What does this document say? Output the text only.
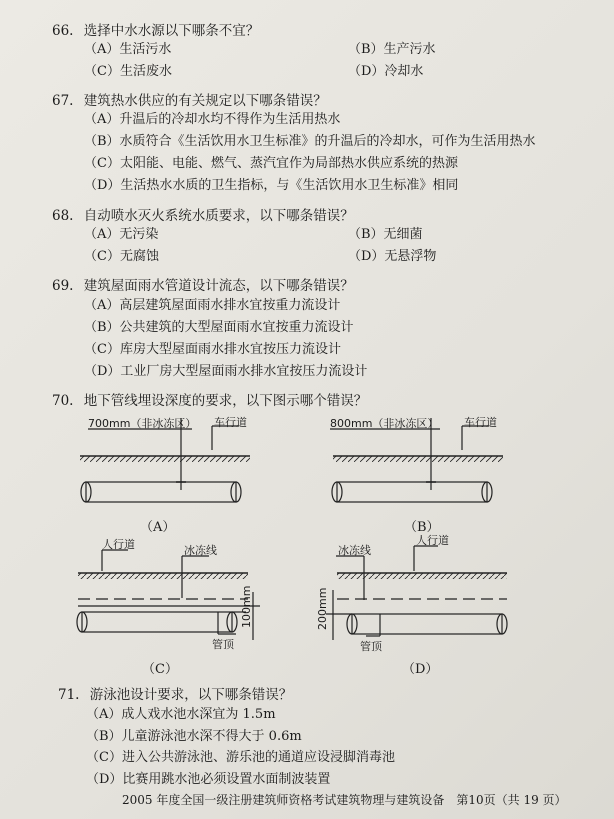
66. 选择中水水源以下哪条不宜？
（A）生活污水	（B）生产污水
（C）生活废水	（D）冷却水
67. 建筑热水供应的有关规定以下哪条错误？
（A）升温后的冷却水均不得作为生活用热水
（B）水质符合《生活饮用水卫生标准》的升温后的冷却水，可作为生活用热水
（C）太阳能、电能、燃气、蒸汽宜作为局部热水供应系统的热源
（D）生活热水水质的卫生指标，与《生活饮用水卫生标准》相同
68. 自动喷水灭火系统水质要求，以下哪条错误？
（A）无污染	（B）无细菌
（C）无腐蚀	（D）无悬浮物
69. 建筑屋面雨水管道设计流态，以下哪条错误？
（A）高层建筑屋面雨水排水宜按重力流设计
（B）公共建筑的大型屋面雨水宜按重力流设计
（C）库房大型屋面雨水排水宜按压力流设计
（D）工业厂房大型屋面雨水排水宜按压力流设计
70. 地下管线埋设深度的要求，以下图示哪个错误？
700mm（非冰冻区） 车行道
（A）
800mm（非冰冻区） 车行道
（B）
人行道	冰冻线
100mm
管顶
（C）
冰冻线
人行道
200mm
管顶
（D）
71. 游泳池设计要求，以下哪条错误？
（A）成人戏水池水深宜为 1.5m
（B）儿童游泳池水深不得大于 0.6m
（C）进入公共游泳池、游乐池的通道应设浸脚消毒池
（D）比赛用跳水池必须设置水面制波装置
2005 年度全国一级注册建筑师资格考试建筑物理与建筑设备　第10页（共 19 页）
